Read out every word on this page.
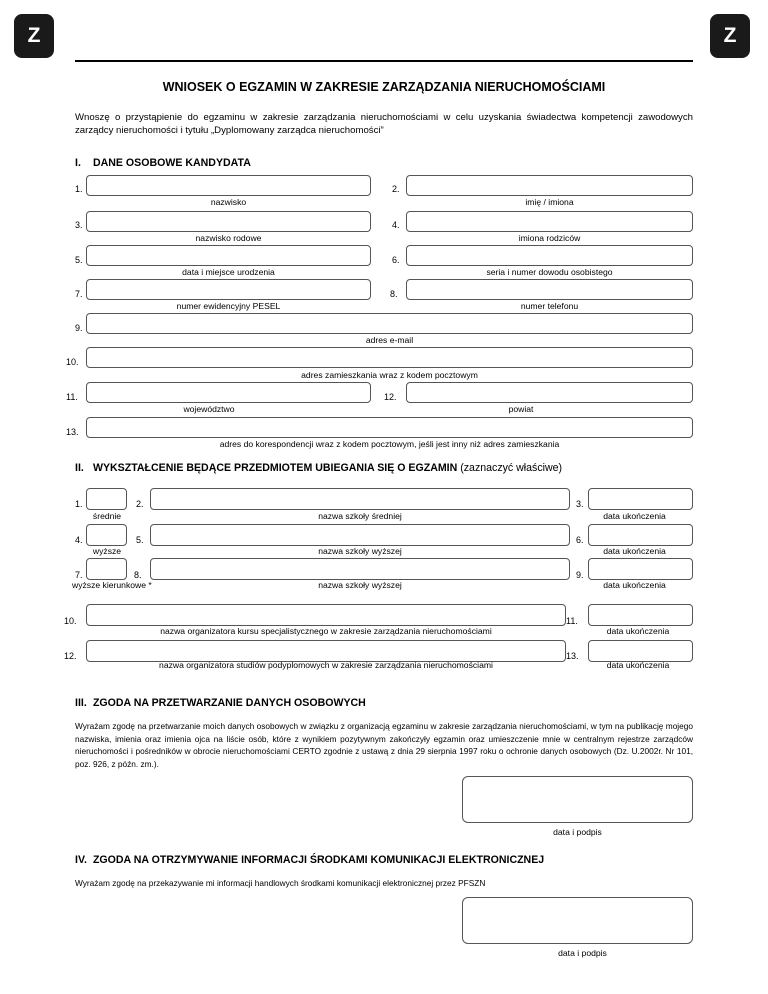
Z	Z
WNIOSEK O EGZAMIN W ZAKRESIE ZARZĄDZANIA NIERUCHOMOŚCIAMI
Wnoszę o przystąpienie do egzaminu w zakresie zarządzania nieruchomościami w celu uzyskania świadectwa kompetencji zawodowych zarządcy nieruchomości i tytułu „Dyplomowany zarządca nieruchomości”
I. DANE OSOBOWE KANDYDATA
1.
nazwisko
2.
imię / imiona
3.
nazwisko rodowe
4.
imiona rodziców
5.
data i miejsce urodzenia
6.
seria i numer dowodu osobistego
7.
numer ewidencyjny PESEL
8.
numer telefonu
9.
adres e-mail
10.
adres zamieszkania wraz z kodem pocztowym
11.
województwo
12.
powiat
13.
adres do korespondencji wraz z kodem pocztowym, jeśli jest inny niż adres zamieszkania
II. WYKSZTAŁCENIE BĘDĄCE PRZEDMIOTEM UBIEGANIA SIĘ O EGZAMIN (zaznaczyć właściwe)
1.
średnie
2.
nazwa szkoły średniej
3.
data ukończenia
4.
wyższe
5.
nazwa szkoły wyższej
6.
data ukończenia
7.
wyższe kierunkowe *
8.
nazwa szkoły wyższej
9.
data ukończenia
10.
nazwa organizatora kursu specjalistycznego w zakresie zarządzania nieruchomościami
11.
data ukończenia
12.
nazwa organizatora studiów podyplomowych w zakresie zarządzania nieruchomościami
13.
data ukończenia
III. ZGODA NA PRZETWARZANIE DANYCH OSOBOWYCH
Wyrażam zgodę na przetwarzanie moich danych osobowych w związku z organizacją egzaminu w zakresie zarządzania nieruchomościami, w tym na publikację mojego nazwiska, imienia oraz imienia ojca na liście osób, które z wynikiem pozytywnym zakończyły egzamin oraz umieszczenie mnie w centralnym rejestrze zarządców nieruchomości i pośredników w obrocie nieruchomościami CERTO zgodnie z ustawą z dnia 29 sierpnia 1997 roku o ochronie danych osobowych (Dz. U.2002r. Nr 101, poz. 926, z późn. zm.).
data i podpis
IV. ZGODA NA OTRZYMYWANIE INFORMACJI ŚRODKAMI KOMUNIKACJI ELEKTRONICZNEJ
Wyrażam zgodę na przekazywanie mi informacji handlowych środkami komunikacji elektronicznej przez PFSZN
data i podpis
